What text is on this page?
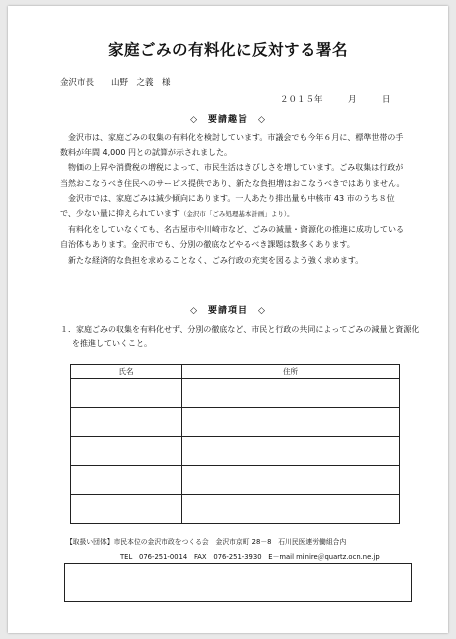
家庭ごみの有料化に反対する署名
金沢市長　　山野　之義　様
２０１５年　　　月　　　日
◇ 要請趣旨 ◇

金沢市は、家庭ごみの収集の有料化を検討しています。市議会でも今年６月に、標準世帯の手数料が年間 4,000 円との試算が示されました。

物価の上昇や消費税の増税によって、市民生活はきびしさを増しています。ごみ収集は行政が当然おこなうべき住民へのサービス提供であり、新たな負担増はおこなうべきではありません。

金沢市では、家庭ごみは減少傾向にあります。一人あたり排出量も中核市 43 市のうち８位で、少ない量に抑えられています（金沢市「ごみ処理基本計画」より）。

有料化をしていなくても、名古屋市や川崎市など、ごみの減量・資源化の推進に成功している自治体もあります。金沢市でも、分別の徹底などやるべき課題は数多くあります。

新たな経済的な負担を求めることなく、ごみ行政の充実を図るよう強く求めます。

◇ 要請項目 ◇
１．家庭ごみの収集を有料化せず、分別の徹底など、市民と行政の共同によってごみの減量と資源化を推進していくこと。
氏名	住所

【取扱い団体】市民本位の金沢市政をつくる会　金沢市京町 28－8　石川民医連労働組合内
TEL　076-251-0014　FAX　076-251-3930　E－mail minire＠quartz.ocn.ne.jp
